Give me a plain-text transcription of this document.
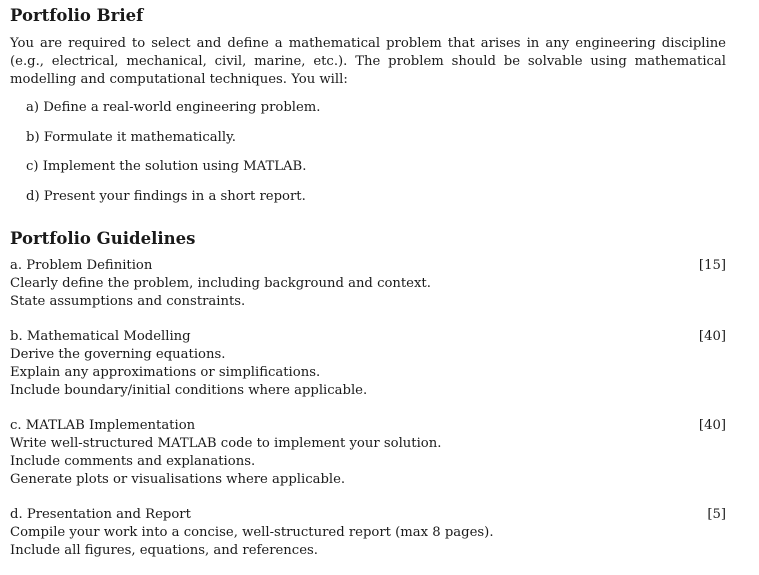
Portfolio Brief
You are required to select and define a mathematical problem that arises in any engineering discipline (e.g., electrical, mechanical, civil, marine, etc.). The problem should be solvable using mathematical modelling and computational techniques. You will:
a) Define a real-world engineering problem.
b) Formulate it mathematically.
c) Implement the solution using MATLAB.
d) Present your findings in a short report.
Portfolio Guidelines
a. Problem Definition	[15]
Clearly define the problem, including background and context.
State assumptions and constraints.
b. Mathematical Modelling	[40]
Derive the governing equations.
Explain any approximations or simplifications.
Include boundary/initial conditions where applicable.
c. MATLAB Implementation	[40]
Write well-structured MATLAB code to implement your solution.
Include comments and explanations.
Generate plots or visualisations where applicable.
d. Presentation and Report	[5]
Compile your work into a concise, well-structured report (max 8 pages).
Include all figures, equations, and references.
